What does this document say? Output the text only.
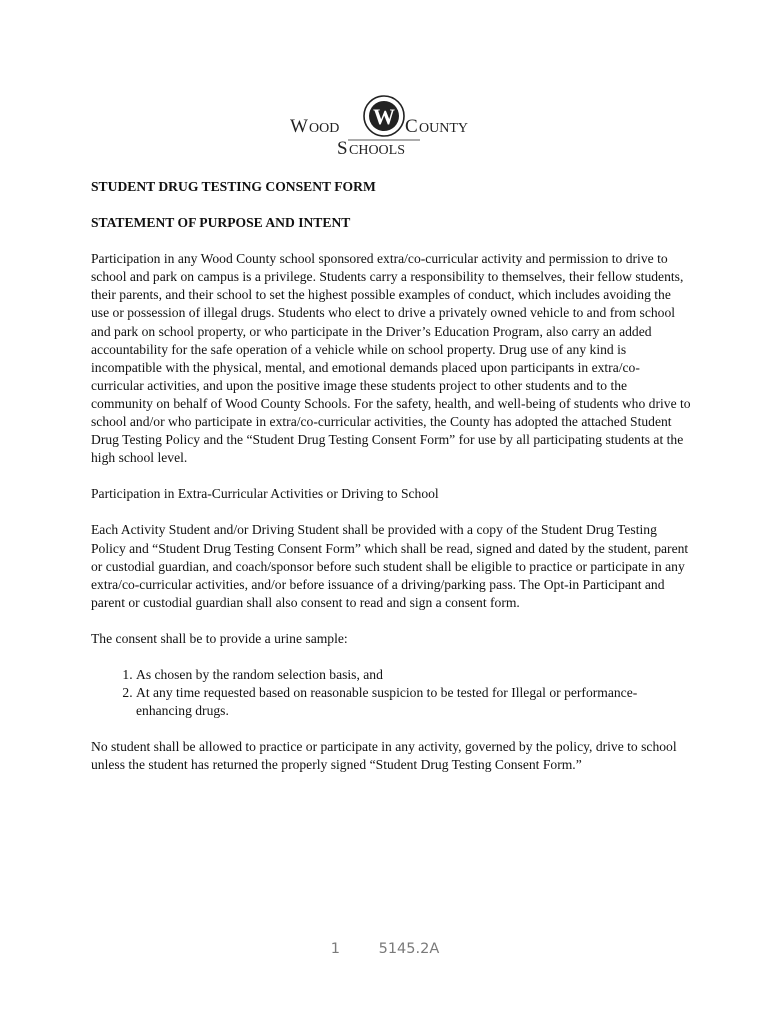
W OOD W C OUNTY
S CHOOLS
STUDENT DRUG TESTING CONSENT FORM
STATEMENT OF PURPOSE AND INTENT

Participation in any Wood County school sponsored extra/co-curricular activity and permission to drive to school and park on campus is a privilege. Students carry a responsibility to themselves, their fellow students, their parents, and their school to set the highest possible examples of conduct, which includes avoiding the use or possession of illegal drugs. Students who elect to drive a privately owned vehicle to and from school and park on school property, or who participate in the Driver’s Education Program, also carry an added accountability for the safe operation of a vehicle while on school property. Drug use of any kind is incompatible with the physical, mental, and emotional demands placed upon participants in extra/co-curricular activities, and upon the positive image these students project to other students and to the community on behalf of Wood County Schools. For the safety, health, and well-being of students who drive to school and/or who participate in extra/co-curricular activities, the County has adopted the attached Student Drug Testing Policy and the “Student Drug Testing Consent Form” for use by all participating students at the high school level.

Participation in Extra-Curricular Activities or Driving to School

Each Activity Student and/or Driving Student shall be provided with a copy of the Student Drug Testing Policy and “Student Drug Testing Consent Form” which shall be read, signed and dated by the student, parent or custodial guardian, and coach/sponsor before such student shall be eligible to practice or participate in any extra/co-curricular activities, and/or before issuance of a driving/parking pass. The Opt-in Participant and parent or custodial guardian shall also consent to read and sign a consent form.

The consent shall be to provide a urine sample:

1. As chosen by the random selection basis, and
2. At any time requested based on reasonable suspicion to be tested for Illegal or performance-enhancing drugs.

No student shall be allowed to practice or participate in any activity, governed by the policy, drive to school unless the student has returned the properly signed “Student Drug Testing Consent Form.”

1	5145.2A
